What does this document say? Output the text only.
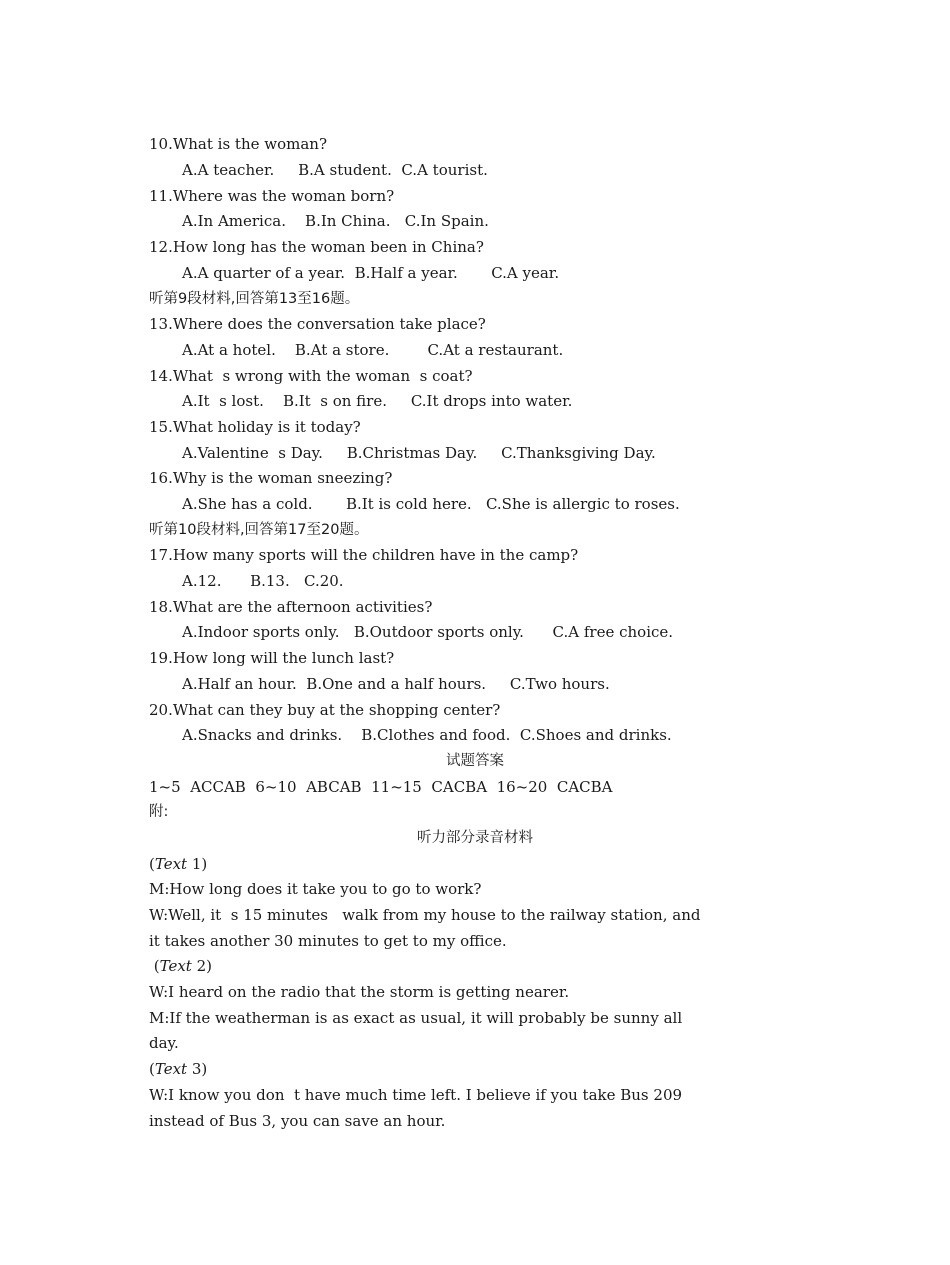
10.What is the woman?
A.A teacher.     B.A student.  C.A tourist.
11.Where was the woman born?
A.In America.    B.In China.   C.In Spain.
12.How long has the woman been in China?
A.A quarter of a year.  B.Half a year.       C.A year.
听第9段材料,回答第13至16题。
13.Where does the conversation take place?
A.At a hotel.    B.At a store.        C.At a restaurant.
14.What  s wrong with the woman  s coat?
A.It  s lost.    B.It  s on fire.     C.It drops into water.
15.What holiday is it today?
A.Valentine  s Day.     B.Christmas Day.     C.Thanksgiving Day.
16.Why is the woman sneezing?
A.She has a cold.       B.It is cold here.   C.She is allergic to roses.
听第10段材料,回答第17至20题。
17.How many sports will the children have in the camp?
A.12.      B.13.   C.20.
18.What are the afternoon activities?
A.Indoor sports only.   B.Outdoor sports only.      C.A free choice.
19.How long will the lunch last?
A.Half an hour.  B.One and a half hours.     C.Two hours.
20.What can they buy at the shopping center?
A.Snacks and drinks.    B.Clothes and food.  C.Shoes and drinks.
试题答案
1~5  ACCAB  6~10  ABCAB  11~15  CACBA  16~20  CACBA
附:
听力部分录音材料
(Text 1)
M:How long does it take you to go to work?
W:Well, it  s 15 minutes   walk from my house to the railway station, and
it takes another 30 minutes to get to my office.
(Text 2)
W:I heard on the radio that the storm is getting nearer.
M:If the weatherman is as exact as usual, it will probably be sunny all
day.
(Text 3)
W:I know you don  t have much time left. I believe if you take Bus 209
instead of Bus 3, you can save an hour.
